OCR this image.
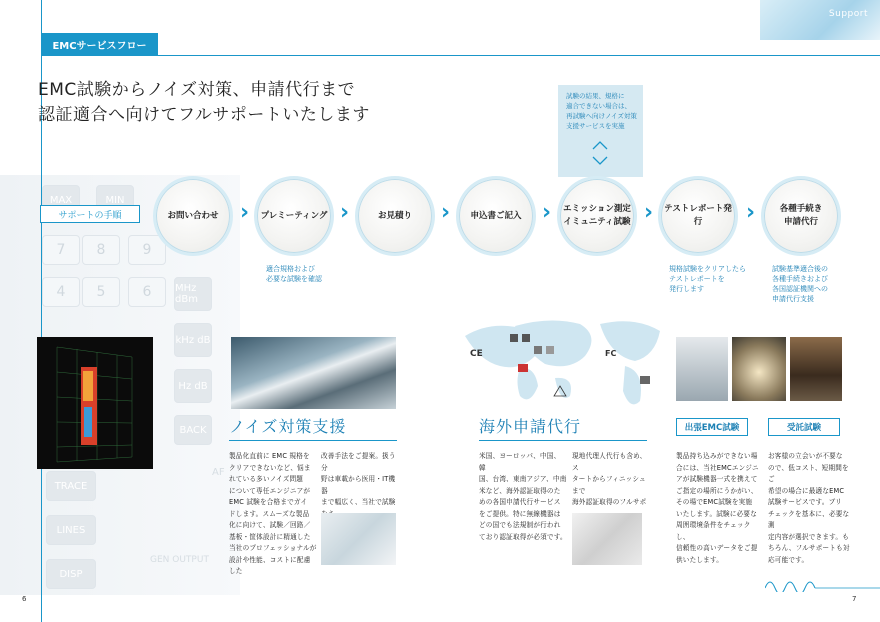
MAX	MIN
7	8	9
4	5	6	MHz dBm
kHz dB
Hz dB
BACK
TRACE
LINES
DISP
GEN OUTPUT
AF
Support
EMCサービスフロー
EMC試験からノイズ対策、申請代行まで
認証適合へ向けてフルサポートいたします

試験の結果、規格に

適合できない場合は、

再試験へ向けノイズ対策

支援サービスを実施

サポートの手順	お問い合わせ › プレミーティング ›	お見積り › 申込書ご記入 › エミッション測定
イミュニティ試験 ›	テストレポート発行	›	各種手続き
申請代行
適合規格および
必要な試験を確認
規格試験をクリアしたら
テストレポートを
発行します
試験基準適合後の
各種手続きおよび
各国認証機関への
申請代行支援
ノイズ対策支援
製品化直前に EMC 規格を
クリアできないなど、悩ま
れている多いノイズ問題
について専任エンジニアが
EMC 試験を合格までガイ
ドします。スムーズな製品
化に向けて、試験／回路／
基板・筐体設計に精通した
当社のプロフェッショナルが
設計や性能、コストに配慮した
改善手法をご提案。扱う分
野は車載から医用・IT機器
まで幅広く、当社で試験
CE	FC
海外申請代行
米国、ヨーロッパ、中国、韓
国、台湾、東南アジア、中南
米など、海外認証取得のた
めの各国申請代行サービス
をご提供。特に無線機器は
どの国でも法規制が行われ
ており認証取得が必須です。
現地代理人代行も含め、ス
タートからフィニッシュまで
海外認証取得のフルサポ
出張EMC試験	受託試験
製品持ち込みができない場
合には、当社EMCエンジニ
アが試験機器一式を携えて
ご指定の場所にうかがい、
その場でEMC試験を実施
いたします。試験に必要な
周囲環境条件をチェックし、
信頼性の高いデータをご提
供いたします。
お客様の立会いが不要な
ので、低コスト、短期間をご
希望の場合に最適なEMC
試験サービスです。ブリ
チェックを基本に、必要な測
定内容が選択できます。も
ちろん、フルサポートも対
応可能です。
6	7
